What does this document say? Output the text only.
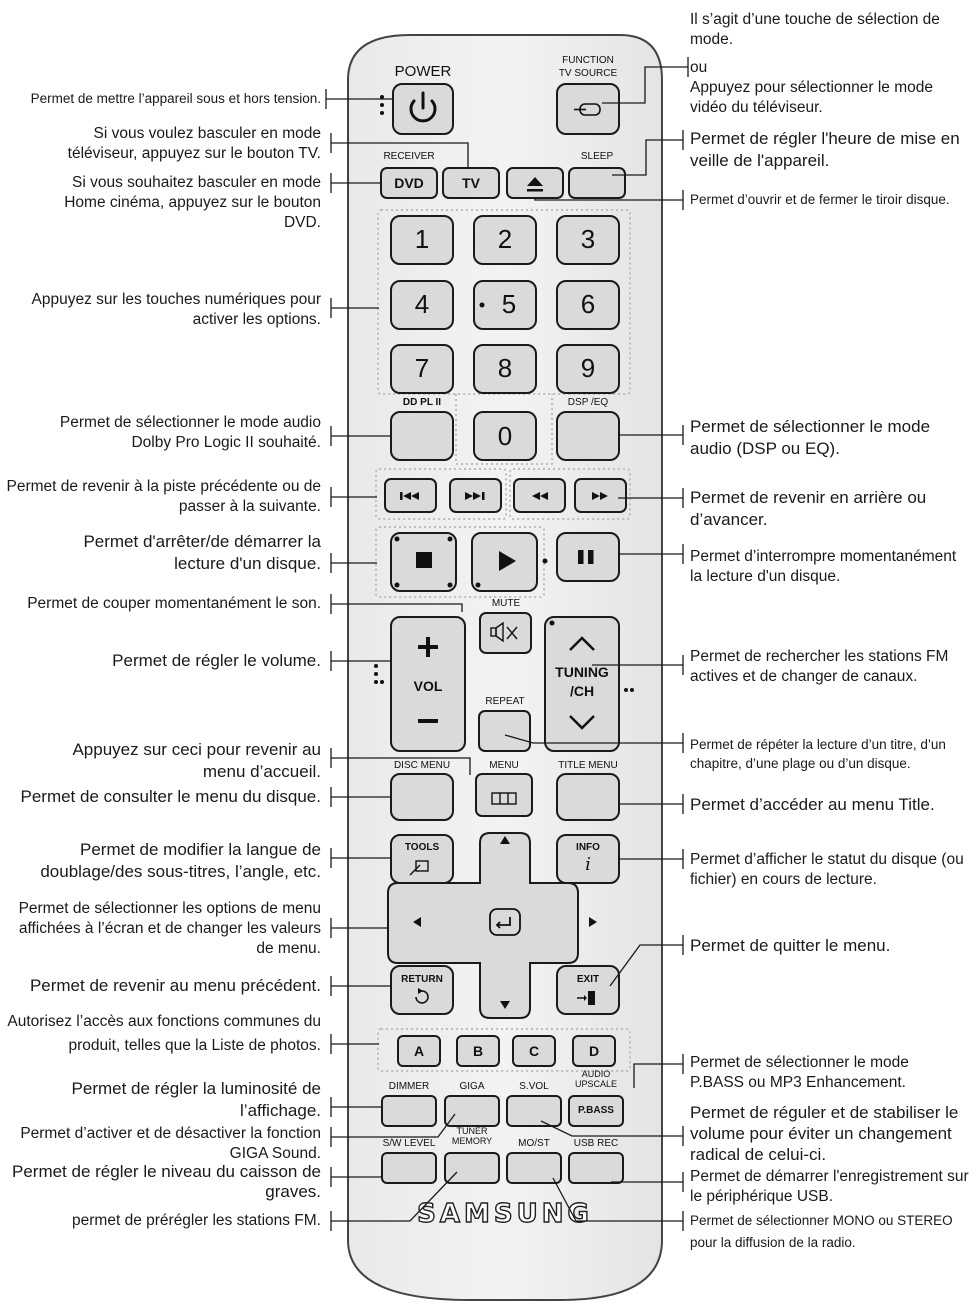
SAMSUNG
POWER
FUNCTION
TV SOURCE
RECEIVER	SLEEP
DVD	TV
1	2	3
4	5	6
7	8	9
0
DD PL II	DSP /EQ
MUTE
VOL
TUNING
/CH
REPEAT
DISC MENU	MENU	TITLE MENU
TOOLS	INFO
i
RETURN	EXIT
A	B	C	D
DIMMER	GIGA	S.VOL
AUDIO UPSCALE
P.BASS
S/W LEVEL
TUNER MEMORY	MO/ST	USB REC
Permet de mettre l’appareil sous et hors tension.
Si vous voulez basculer en mode téléviseur, appuyez sur le bouton TV.
Si vous souhaitez basculer en mode Home cinéma, appuyez sur le bouton DVD.
Appuyez sur les touches numériques pour activer les options.
Permet de sélectionner le mode audio Dolby Pro Logic II souhaité.
Permet de revenir à la piste précédente ou de passer à la suivante.
Permet d'arrêter/de démarrer la lecture d'un disque.
Permet de couper momentanément le son.
Permet de régler le volume.
Appuyez sur ceci pour revenir au menu d’accueil.
Permet de consulter le menu du disque.
Permet de modifier la langue de doublage/des sous-titres, l’angle, etc.
Permet de sélectionner les options de menu affichées à l’écran et de changer les valeurs de menu.
Permet de revenir au menu précédent.
Autorisez l’accès aux fonctions communes du produit, telles que la Liste de photos.
Permet de régler la luminosité de l’affichage.
Permet d’activer et de désactiver la fonction GIGA Sound.
Permet de régler le niveau du caisson de graves.
permet de prérégler les stations FM.
Il s’agit d’une touche de sélection de mode.
ou
Appuyez pour sélectionner le mode vidéo du téléviseur.
Permet de régler l'heure de mise en veille de l'appareil.
Permet d’ouvrir et de fermer le tiroir disque.
Permet de sélectionner le mode audio (DSP ou EQ).
Permet de revenir en arrière ou d’avancer.
Permet d’interrompre momentanément la lecture d'un disque.
Permet de rechercher les stations FM actives et de changer de canaux.
Permet de répéter la lecture d’un titre, d’un chapitre, d’une plage ou d’un disque.
Permet d’accéder au menu Title.
Permet d’afficher le statut du disque (ou fichier) en cours de lecture.
Permet de quitter le menu.
Permet de sélectionner le mode P.BASS ou MP3 Enhancement.
Permet de réguler et de stabiliser le volume pour éviter un changement radical de celui-ci.
Permet de démarrer l'enregistrement sur le périphérique USB.
Permet de sélectionner MONO ou STEREO pour la diffusion de la radio.
